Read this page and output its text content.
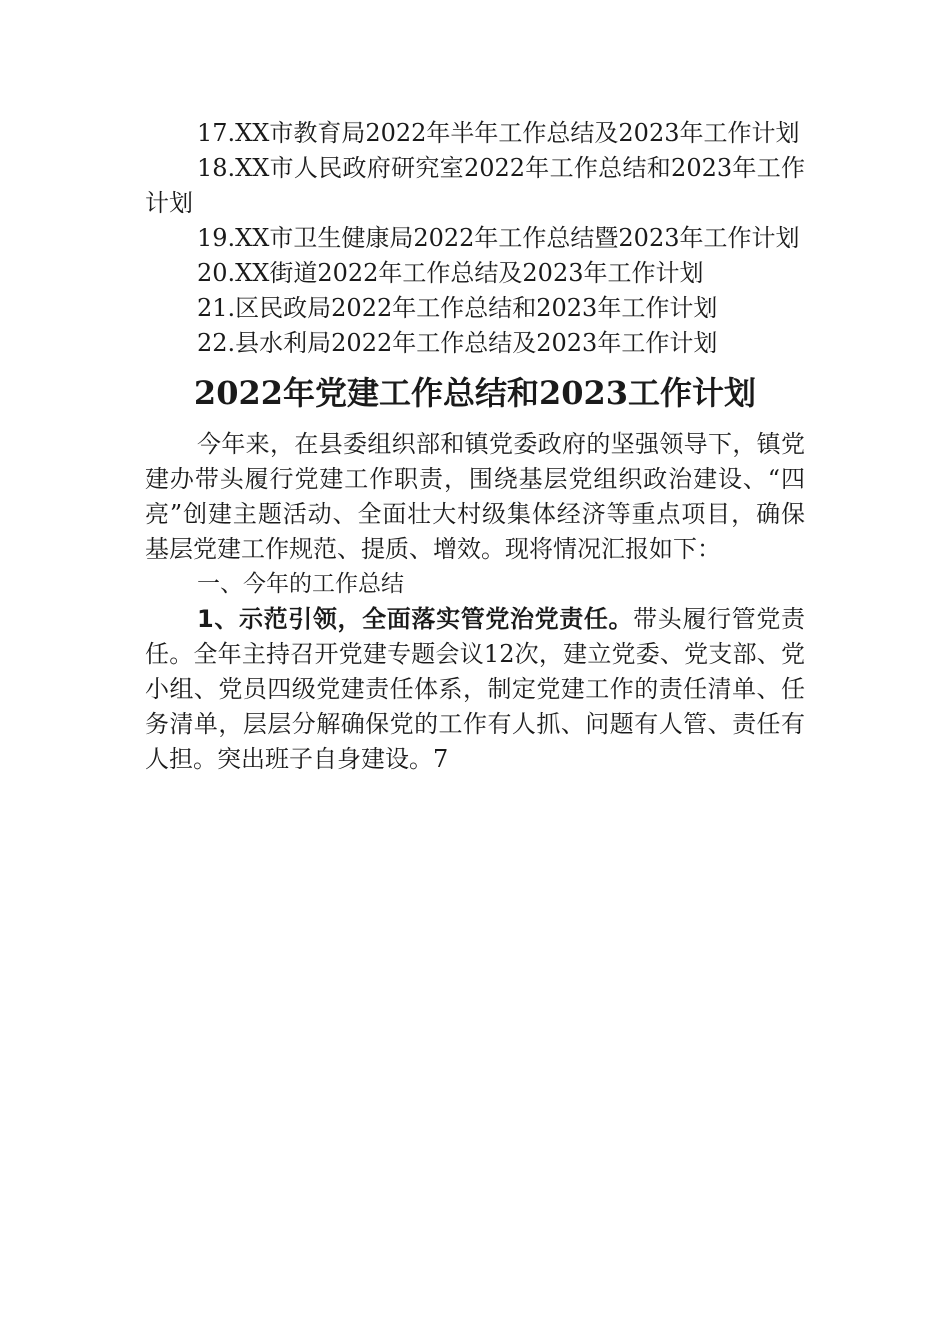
17.XX市教育局2022年半年工作总结及2023年工作计划

18.XX市人民政府研究室2022年工作总结和2023年工作计划

19.XX市卫生健康局2022年工作总结暨2023年工作计划

20.XX街道2022年工作总结及2023年工作计划

21.区民政局2022年工作总结和2023年工作计划

22.县水利局2022年工作总结及2023年工作计划

2022年党建工作总结和2023工作计划

今年来，在县委组织部和镇党委政府的坚强领导下，镇党建办带头履行党建工作职责，围绕基层党组织政治建设、“四亮”创建主题活动、全面壮大村级集体经济等重点项目，确保基层党建工作规范、提质、增效。现将情况汇报如下：

一、今年的工作总结

1、示范引领，全面落实管党治党责任。带头履行管党责任。全年主持召开党建专题会议12次，建立党委、党支部、党小组、党员四级党建责任体系，制定党建工作的责任清单、任务清单，层层分解确保党的工作有人抓、问题有人管、责任有人担。突出班子自身建设。7
